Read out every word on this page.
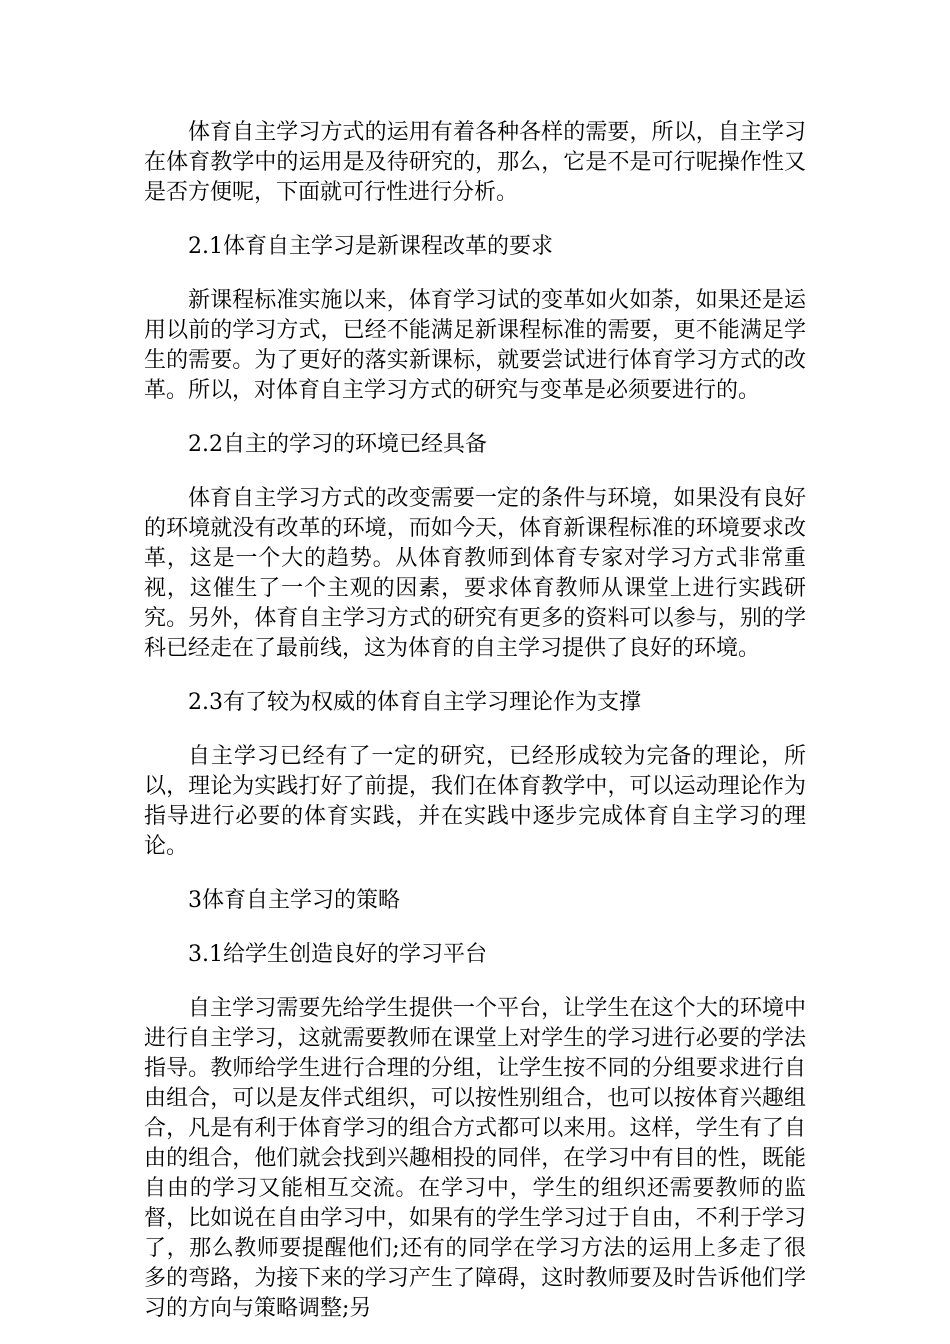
体育自主学习方式的运用有着各种各样的需要，所以，自主学习在体育教学中的运用是及待研究的，那么，它是不是可行呢操作性又是否方便呢，下面就可行性进行分析。

2.1体育自主学习是新课程改革的要求

新课程标准实施以来，体育学习试的变革如火如荼，如果还是运用以前的学习方式，已经不能满足新课程标准的需要，更不能满足学生的需要。为了更好的落实新课标，就要尝试进行体育学习方式的改革。所以，对体育自主学习方式的研究与变革是必须要进行的。

2.2自主的学习的环境已经具备

体育自主学习方式的改变需要一定的条件与环境，如果没有良好的环境就没有改革的环境，而如今天，体育新课程标准的环境要求改革，这是一个大的趋势。从体育教师到体育专家对学习方式非常重视，这催生了一个主观的因素，要求体育教师从课堂上进行实践研究。另外，体育自主学习方式的研究有更多的资料可以参与，别的学科已经走在了最前线，这为体育的自主学习提供了良好的环境。

2.3有了较为权威的体育自主学习理论作为支撑

自主学习已经有了一定的研究，已经形成较为完备的理论，所以，理论为实践打好了前提，我们在体育教学中，可以运动理论作为指导进行必要的体育实践，并在实践中逐步完成体育自主学习的理论。

3体育自主学习的策略

3.1给学生创造良好的学习平台

自主学习需要先给学生提供一个平台，让学生在这个大的环境中进行自主学习，这就需要教师在课堂上对学生的学习进行必要的学法指导。教师给学生进行合理的分组，让学生按不同的分组要求进行自由组合，可以是友伴式组织，可以按性别组合，也可以按体育兴趣组合，凡是有利于体育学习的组合方式都可以来用。这样，学生有了自由的组合，他们就会找到兴趣相投的同伴，在学习中有目的性，既能自由的学习又能相互交流。在学习中，学生的组织还需要教师的监督，比如说在自由学习中，如果有的学生学习过于自由，不利于学习了，那么教师要提醒他们;还有的同学在学习方法的运用上多走了很多的弯路，为接下来的学习产生了障碍，这时教师要及时告诉他们学习的方向与策略调整;另
